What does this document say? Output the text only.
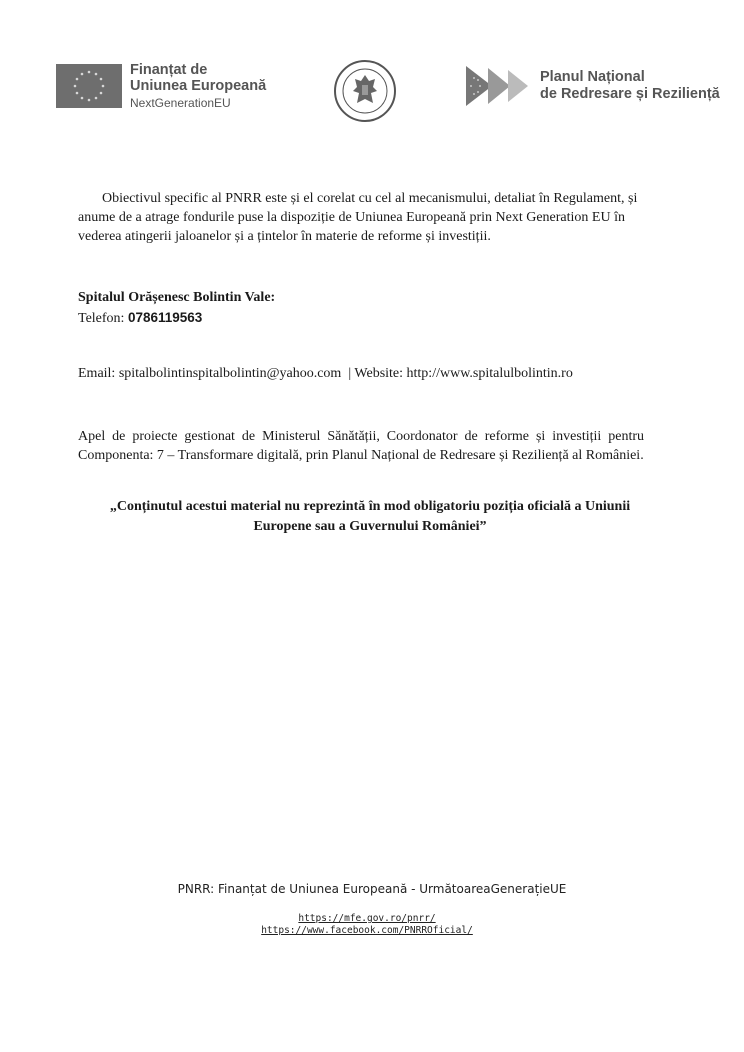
Finanțat de
Uniunea Europeană
NextGenerationEU
Planul Național
de Redresare și Reziliență
Obiectivul specific al PNRR este și el corelat cu cel al mecanismului, detaliat în Regulament, și anume de a atrage fondurile puse la dispoziție de Uniunea Europeană prin Next Generation EU în vederea atingerii jaloanelor și a țintelor în materie de reforme și investiții.
Spitalul Orășenesc Bolintin Vale:
Telefon: 0786119563
Email: spitalbolintinspitalbolintin@yahoo.com | Website: http://www.spitalulbolintin.ro
Apel de proiecte gestionat de Ministerul Sănătății, Coordonator de reforme și investiții pentru Componenta: 7 – Transformare digitală, prin Planul Național de Redresare și Reziliență al României.
„Conținutul acestui material nu reprezintă în mod obligatoriu poziția oficială a Uniunii Europene sau a Guvernului României”
PNRR: Finanțat de Uniunea Europeană - UrmătoareaGenerațieUE
https://mfe.gov.ro/pnrr/
https://www.facebook.com/PNRROficial/
